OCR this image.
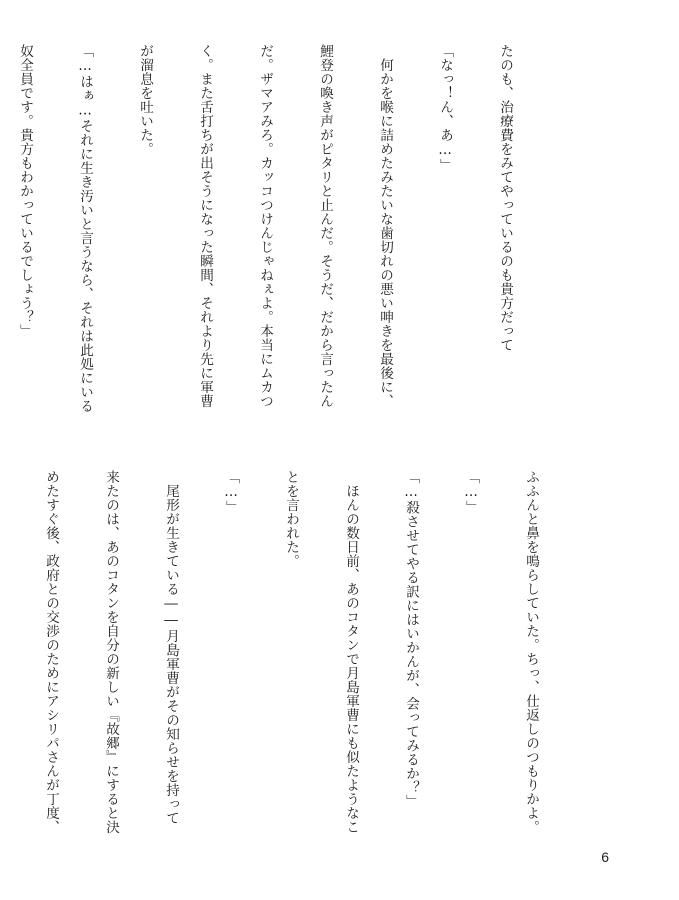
たのも、治療費をみてやっているのも貴方だって

「なっ！ん、あ…」

　何かを喉に詰めたみたいな歯切れの悪い呻きを最後に、

鯉登の喚き声がピタリと止んだ。そうだ、だから言ったん

だ。ザマアみろ。カッコつけんじゃねぇよ。本当にムカつ

く。また舌打ちが出そうになった瞬間、それより先に軍曹

が溜息を吐いた。

「…はぁ…それに生き汚いと言うなら、それは此処にいる

奴全員です。貴方もわかっているでしょう？」

ふふんと鼻を鳴らしていた。ちっ、仕返しのつもりかよ。

「…」

「…殺させてやる訳にはいかんが、会ってみるか？」

　ほんの数日前、あのコタンで月島軍曹にも似たようなこ

とを言われた。

「…」

　尾形が生きている――月島軍曹がその知らせを持って

来たのは、あのコタンを自分の新しい『故郷』にすると決

めたすぐ後、政府との交渉のためにアシリパさんが丁度、

6
